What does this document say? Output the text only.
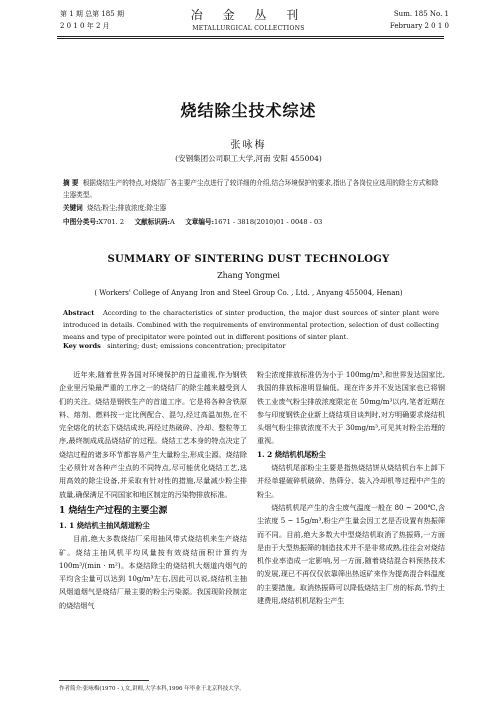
第 1 期 总第 185 期
2 0 1 0 年 2 月
冶 金 丛 刊
METALLURGICAL COLLECTIONS
Sum. 185 No. 1
February 2 0 1 0
烧结除尘技术综述
张咏梅
(安钢集团公司职工大学,河南 安阳 455004)
摘 要 根据烧结生产的特点,对烧结厂各主要产尘点进行了较详细的介绍,结合环境保护的要求,指出了各岗位应选用的除尘方式和除尘器类型。
关键词 烧结;粉尘;排放浓度;除尘器
中图分类号:X701. 2 文献标识码:A 文章编号:1671 - 3818(2010)01 - 0048 - 03
SUMMARY OF SINTERING DUST TECHNOLOGY
Zhang Yongmei
( Workers' College of Anyang Iron and Steel Group Co. , Ltd. , Anyang 455004, Henan)
Abstract According to the characteristics of sinter production, the major dust sources of sinter plant were introduced in details. Combined with the requirements of environmental protection, selection of dust collecting means and type of precipitator were pointed out in different positions of sinter plant.
Key words sintering; dust; emissions concentration; precipitator

近年来,随着世界各国对环境保护的日益重视,作为钢铁企业里污染最严重的工序之一的烧结厂的除尘越来越受到人们的关注。烧结是钢铁生产的首道工序。它是将各种含铁原料、熔剂、燃料按一定比例配合、混匀,经过高温加热,在不完全熔化的状态下烧结成块,再经过热破碎、冷却、整粒等工序,最终制成成品烧结矿的过程。烧结工艺本身的特点决定了烧结过程的诸多环节都容易产生大量粉尘,形成尘源。烧结除尘必须针对各种产尘点的不同特点,尽可能优化烧结工艺,选用高效的除尘设备,并采取有针对性的措施,尽量减少粉尘排放量,确保满足不同国家和地区制定的污染物排放标准。

1 烧结生产过程的主要尘源
1. 1 烧结机主抽风烟道粉尘

目前,绝大多数烧结厂采用抽风带式烧结机来生产烧结矿。烧结主抽风机平均风量按有效烧结面积计算约为 100m³/(min · m²)。本烧结除尘的烧结机大烟道内烟气的平均含尘量可以达到 10g/m³左右,因此可以说,烧结机主抽风烟道烟气是烧结厂最主要的粉尘污染源。我国现阶段制定的烧结烟气

粉尘浓度排放标准仍为小于 100mg/m³,和世界发达国家比,我国的排放标准明显偏低。现在许多并不发达国家也已将钢铁工业废气粉尘排放浓度限定在 50mg/m³以内,笔者近期在参与印度钢铁企业新上烧结项目谈判时,对方明确要求烧结机头烟气粉尘排放浓度不大于 30mg/m³,可见其对粉尘治理的重视。

1. 2 烧结机机尾粉尘

烧结机尾部粉尘主要是指热烧结饼从烧结机台车上卸下并经单辊破碎机破碎、热筛分、装入冷却机等过程中产生的粉尘。

烧结机机尾产生的含尘废气温度一般在 80 ~ 200℃,含尘浓度 5 ~ 15g/m³,粉尘产生量会因工艺是否设置有热振筛而不同。目前,绝大多数大中型烧结机取消了热振筛,一方面是由于大型热振筛的制造技术并不是非常成熟,往往会对烧结机作业率造成一定影响,另一方面,随着烧结混合料预热技术的发展,现已不再仅仅依靠筛出热返矿来作为提高混合料温度的主要措施。取消热振筛可以降低烧结主厂房的标高,节约土建费用,烧结机机尾粉尘产生

作者简介:张咏梅(1970 - ),女,讲师,大学本科,1996 年毕业于北京科技大学。
